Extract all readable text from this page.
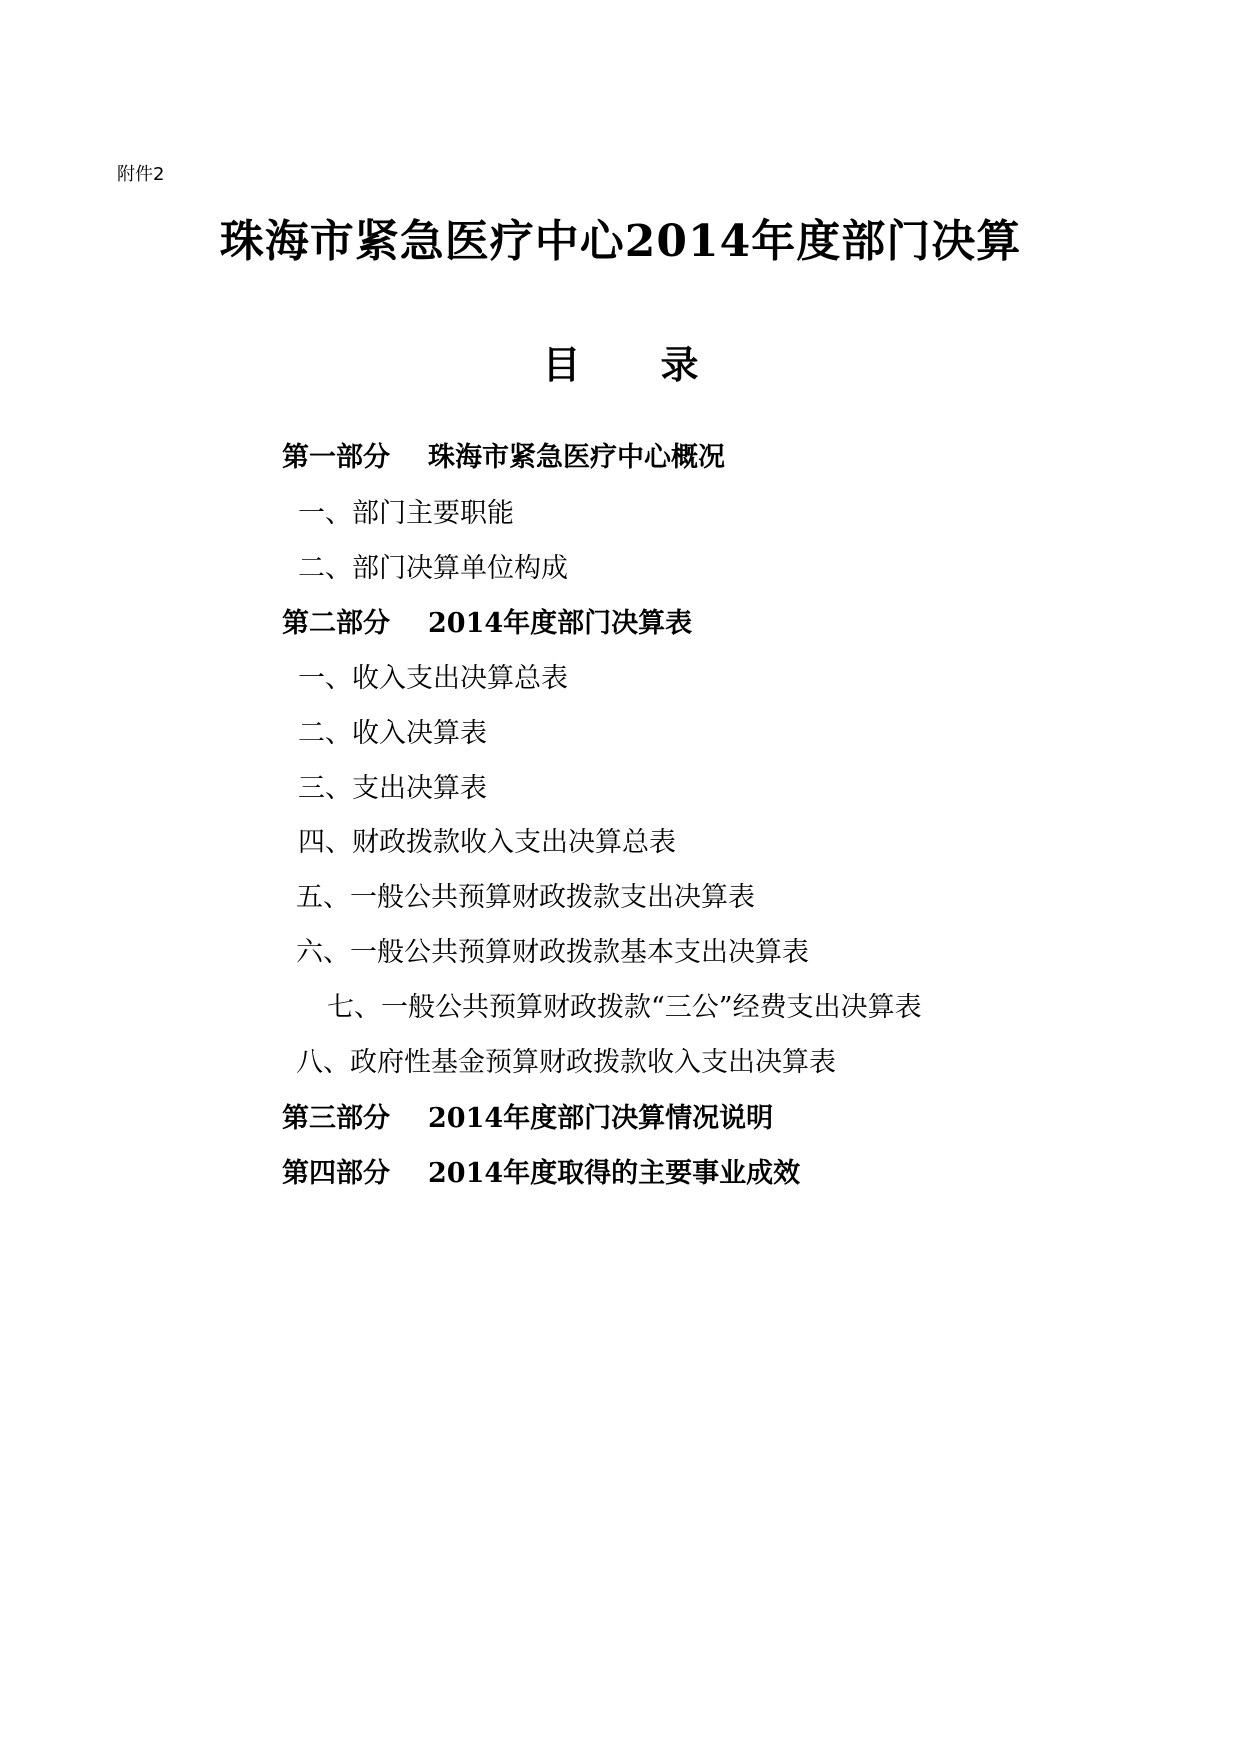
附件2
珠海市紧急医疗中心2014年度部门决算
目 录
第一部分 珠海市紧急医疗中心概况
一、部门主要职能
二、部门决算单位构成
第二部分 2014年度部门决算表
一、收入支出决算总表
二、收入决算表
三、支出决算表
四、财政拨款收入支出决算总表
五、一般公共预算财政拨款支出决算表
六、一般公共预算财政拨款基本支出决算表
七、一般公共预算财政拨款“三公”经费支出决算表
八、政府性基金预算财政拨款收入支出决算表
第三部分 2014年度部门决算情况说明
第四部分 2014年度取得的主要事业成效
